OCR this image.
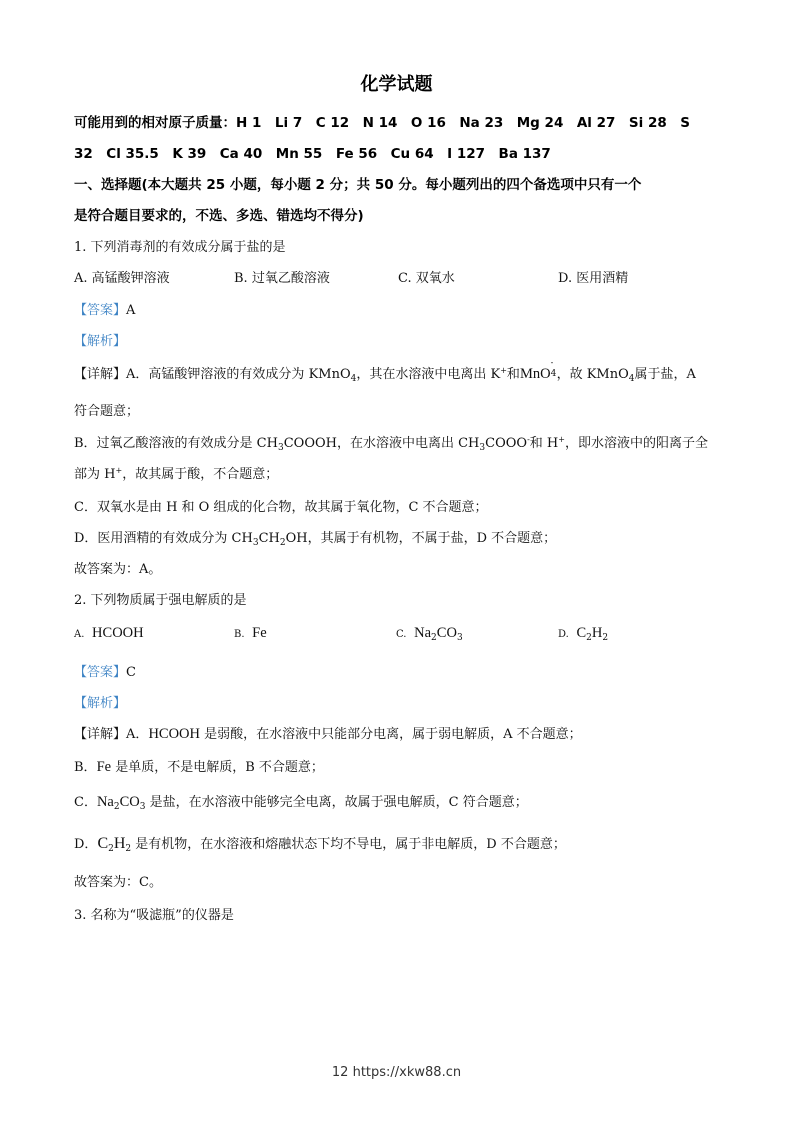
化学试题
可能用到的相对原子质量：H 1　Li 7　C 12　N 14　O 16　Na 23　Mg 24　Al 27　Si 28　S
32　Cl 35.5　K 39　Ca 40　Mn 55　Fe 56　Cu 64　I 127　Ba 137
一、选择题(本大题共 25 小题，每小题 2 分；共 50 分。每小题列出的四个备选项中只有一个
是符合题目要求的，不选、多选、错选均不得分)
1. 下列消毒剂的有效成分属于盐的是
A. 高锰酸钾溶液	B. 过氧乙酸溶液	C. 双氧水	D. 医用酒精
【答案】A
【解析】
【详解】A．高锰酸钾溶液的有效成分为 KMnO$_4$，其在水溶液中电离出 K+和MnO
-
4 ，故 KMnO$_4$属于盐，A
符合题意；
B．过氧乙酸溶液的有效成分是 $CH_3COOOH$，在水溶液中电离出 $CH_3COOO^-$和 H+，即水溶液中的阳离子全
部为 H+，故其属于酸，不合题意；
C．双氧水是由 H 和 O 组成的化合物，故其属于氧化物，C 不合题意；
D．医用酒精的有效成分为 $CH_3CH_2OH$，其属于有机物，不属于盐，D 不合题意；
故答案为：A。
2. 下列物质属于强电解质的是
A. HCOOH	B. Fe	C. $Na_2CO_3$	D. $C_2H_2$
【答案】C
【解析】
【详解】A．HCOOH 是弱酸，在水溶液中只能部分电离，属于弱电解质，A 不合题意；
B．Fe 是单质，不是电解质，B 不合题意；
C．$Na_2CO_3$ 是盐，在水溶液中能够完全电离，故属于强电解质，C 符合题意；
D．$C_2H_2$ 是有机物，在水溶液和熔融状态下均不导电，属于非电解质，D 不合题意；
故答案为：C。
3. 名称为“吸滤瓶”的仪器是
12 https://xkw88.cn
